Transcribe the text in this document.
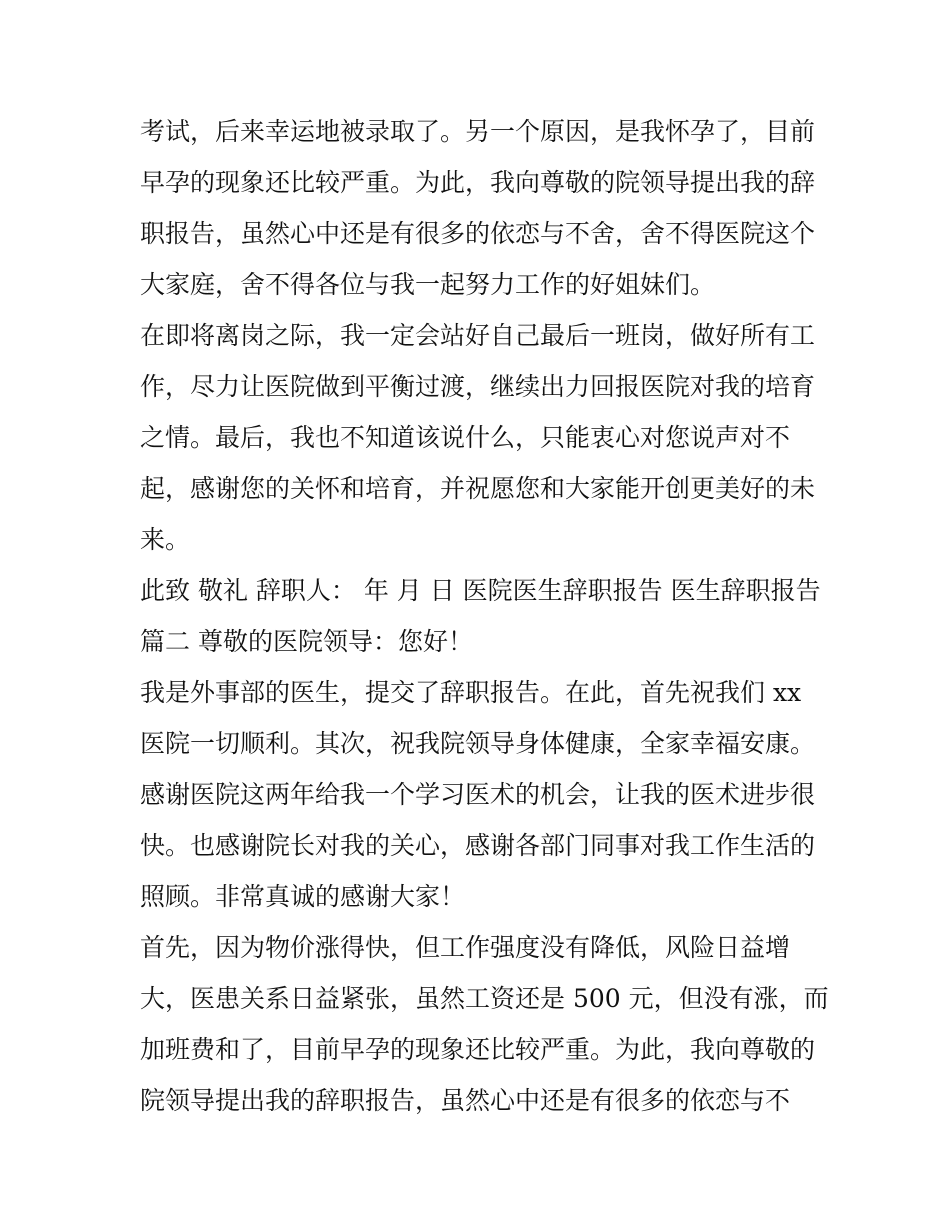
考试，后来幸运地被录取了。另一个原因，是我怀孕了，目前
早孕的现象还比较严重。为此，我向尊敬的院领导提出我的辞
职报告，虽然心中还是有很多的依恋与不舍，舍不得医院这个
大家庭，舍不得各位与我一起努力工作的好姐妹们。
在即将离岗之际，我一定会站好自己最后一班岗，做好所有工
作，尽力让医院做到平衡过渡，继续出力回报医院对我的培育
之情。最后，我也不知道该说什么，只能衷心对您说声对不
起，感谢您的关怀和培育，并祝愿您和大家能开创更美好的未
来。
此致 敬礼 辞职人： 年 月 日 医院医生辞职报告 医生辞职报告
篇二 尊敬的医院领导：您好！
我是外事部的医生，提交了辞职报告。在此，首先祝我们 xx
医院一切顺利。其次，祝我院领导身体健康，全家幸福安康。
感谢医院这两年给我一个学习医术的机会，让我的医术进步很
快。也感谢院长对我的关心，感谢各部门同事对我工作生活的
照顾。非常真诚的感谢大家！
首先，因为物价涨得快，但工作强度没有降低，风险日益增
大，医患关系日益紧张，虽然工资还是 500 元，但没有涨，而
加班费和了，目前早孕的现象还比较严重。为此，我向尊敬的
院领导提出我的辞职报告，虽然心中还是有很多的依恋与不
